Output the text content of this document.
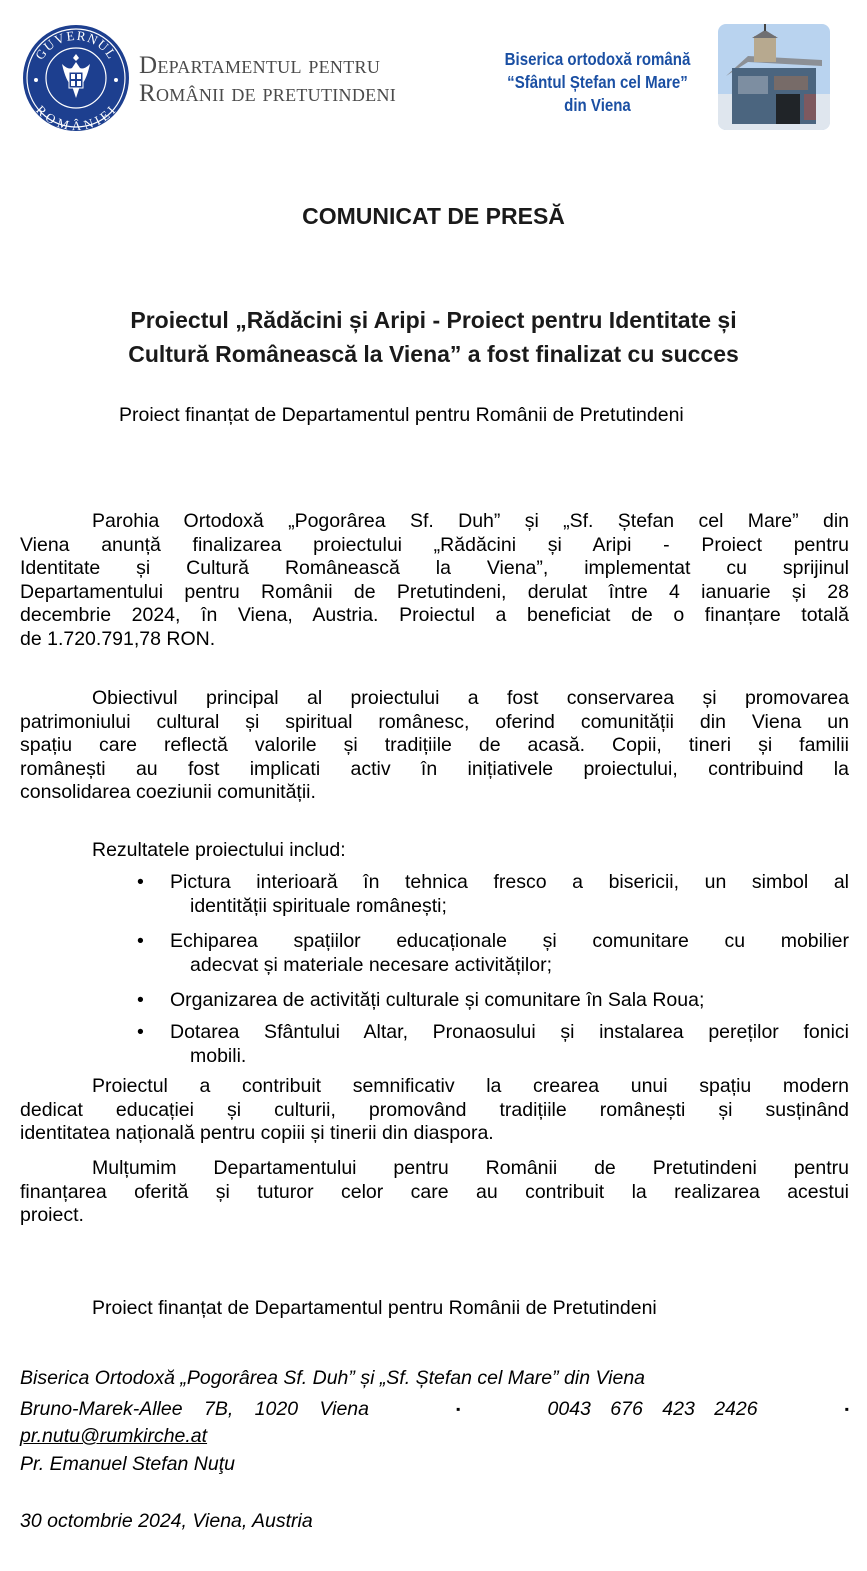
GUVERNUL
ROMÂNIEI
Departamentul pentru
Românii de pretutindeni
Biserica ortodoxă română
“Sfântul Ștefan cel Mare”
din Viena
COMUNICAT DE PRESĂ
Proiectul „Rădăcini și Aripi - Proiect pentru Identitate și
Cultură Românească la Viena” a fost finalizat cu succes
Proiect finanțat de Departamentul pentru Românii de Pretutindeni
Parohia Ortodoxă „Pogorârea Sf. Duh” și „Sf. Ștefan cel Mare” din
Viena anunță finalizarea proiectului „Rădăcini și Aripi - Proiect pentru
Identitate și Cultură Românească la Viena”, implementat cu sprijinul
Departamentului pentru Românii de Pretutindeni, derulat între 4 ianuarie și 28
decembrie 2024, în Viena, Austria. Proiectul a beneficiat de o finanțare totală
de 1.720.791,78 RON.
Obiectivul principal al proiectului a fost conservarea și promovarea
patrimoniului cultural și spiritual românesc, oferind comunității din Viena un
spațiu care reflectă valorile și tradițiile de acasă. Copii, tineri și familii
românești au fost implicati activ în inițiativele proiectului, contribuind la
consolidarea coeziunii comunității.
Rezultatele proiectului includ:
• Pictura interioară în tehnica fresco a bisericii, un simbol al
identității spirituale românești;
• Echiparea spațiilor educaționale și comunitare cu mobilier
adecvat și materiale necesare activităților;
• Organizarea de activități culturale și comunitare în Sala Roua;
• Dotarea Sfântului Altar, Pronaosului și instalarea pereților fonici
mobili.
Proiectul a contribuit semnificativ la crearea unui spațiu modern
dedicat educației și culturii, promovând tradițiile românești și susținând
identitatea națională pentru copiii și tinerii din diaspora.
Mulțumim Departamentului pentru Românii de Pretutindeni pentru
finanțarea oferită și tuturor celor care au contribuit la realizarea acestui
proiect.
Proiect finanțat de Departamentul pentru Românii de Pretutindeni
Biserica Ortodoxă „Pogorârea Sf. Duh” și „Sf. Ștefan cel Mare” din Viena
Bruno-Marek-Allee 7B, 1020 Viena	▪	0043 676 423 2426	▪
pr.nutu@rumkirche.at
Pr. Emanuel Stefan Nuţu
30 octombrie 2024, Viena, Austria
